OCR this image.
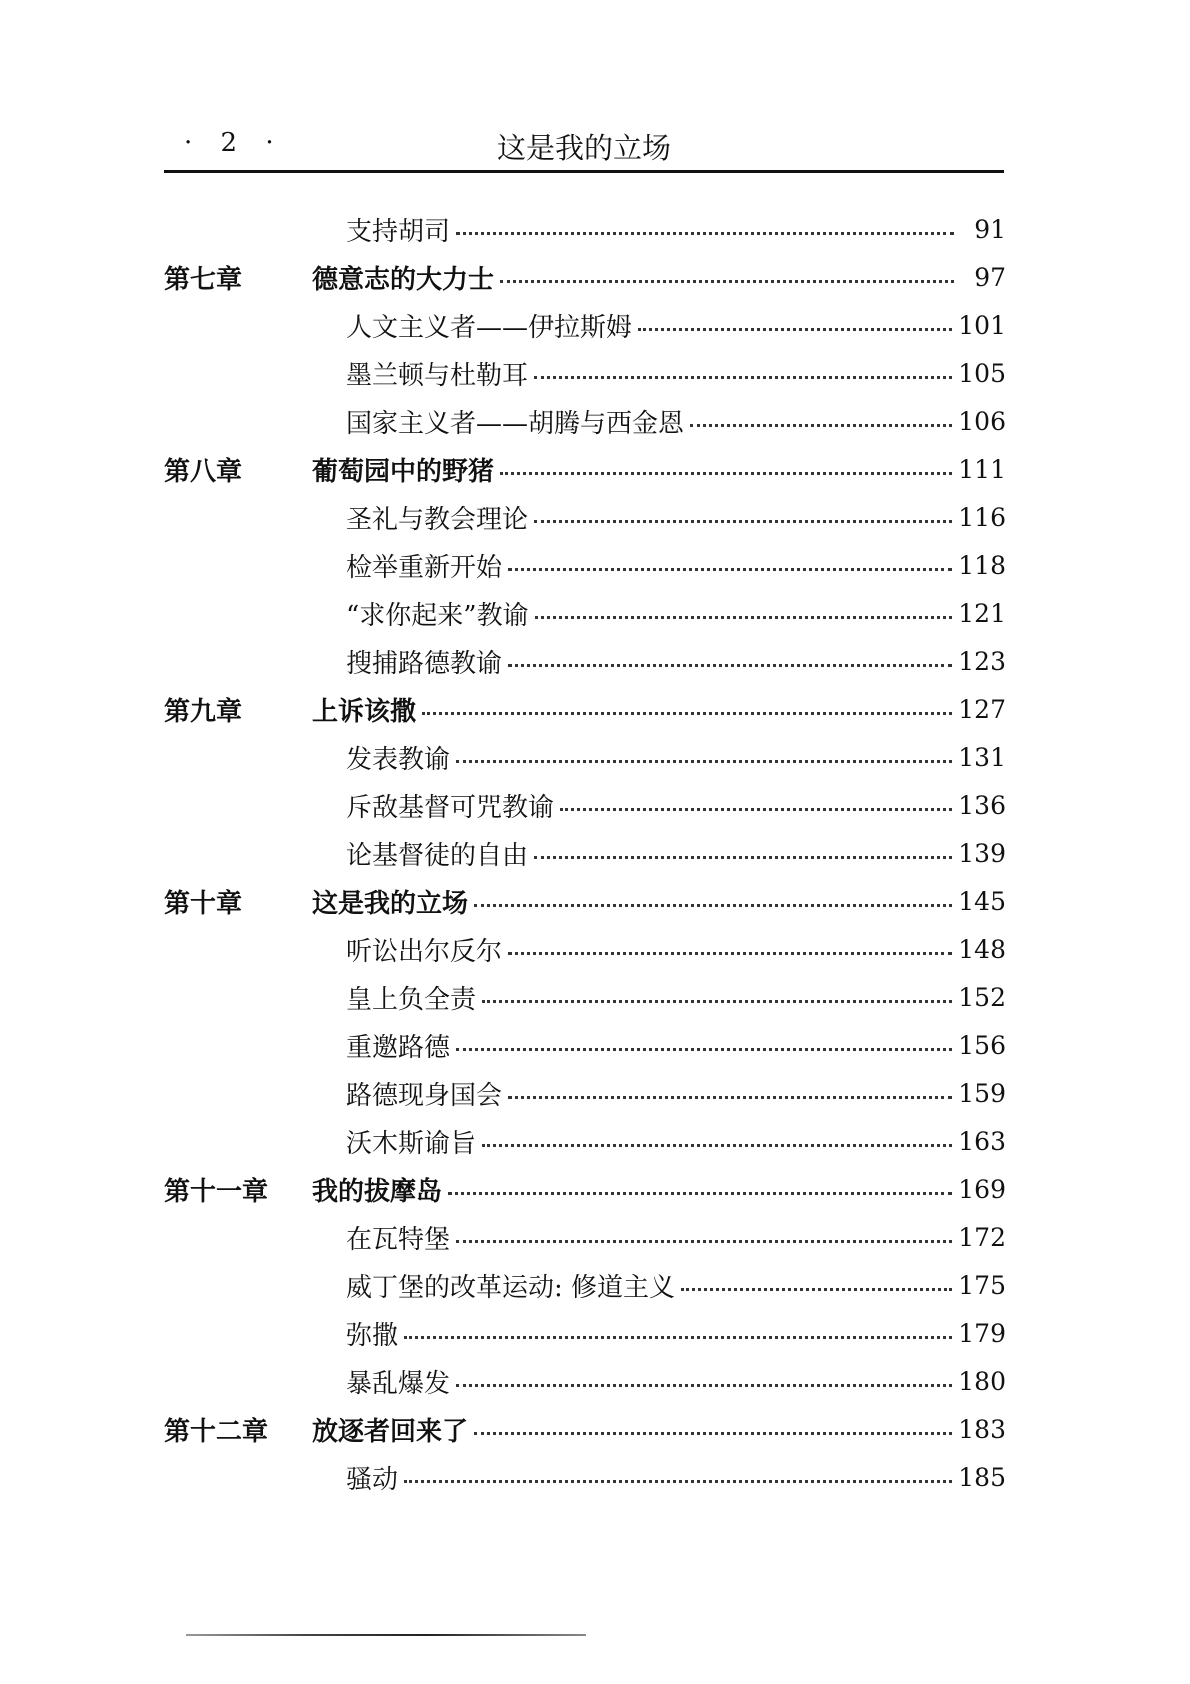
· 2 ·	这是我的立场
支持胡司	91
第七章	德意志的大力士	97
人文主义者——伊拉斯姆	101
墨兰顿与杜勒耳	105
国家主义者——胡腾与西金恩	106
第八章	葡萄园中的野猪	111
圣礼与教会理论	116
检举重新开始	118
“求你起来”教谕	121
搜捕路德教谕	123
第九章	上诉该撒	127
发表教谕	131
斥敌基督可咒教谕	136
论基督徒的自由	139
第十章	这是我的立场	145
听讼出尔反尔	148
皇上负全责	152
重邀路德	156
路德现身国会	159
沃木斯谕旨	163
第十一章 我的拔摩岛	169
在瓦特堡	172
威丁堡的改革运动: 修道主义	175
弥撒	179
暴乱爆发	180
第十二章 放逐者回来了	183
骚动	185
